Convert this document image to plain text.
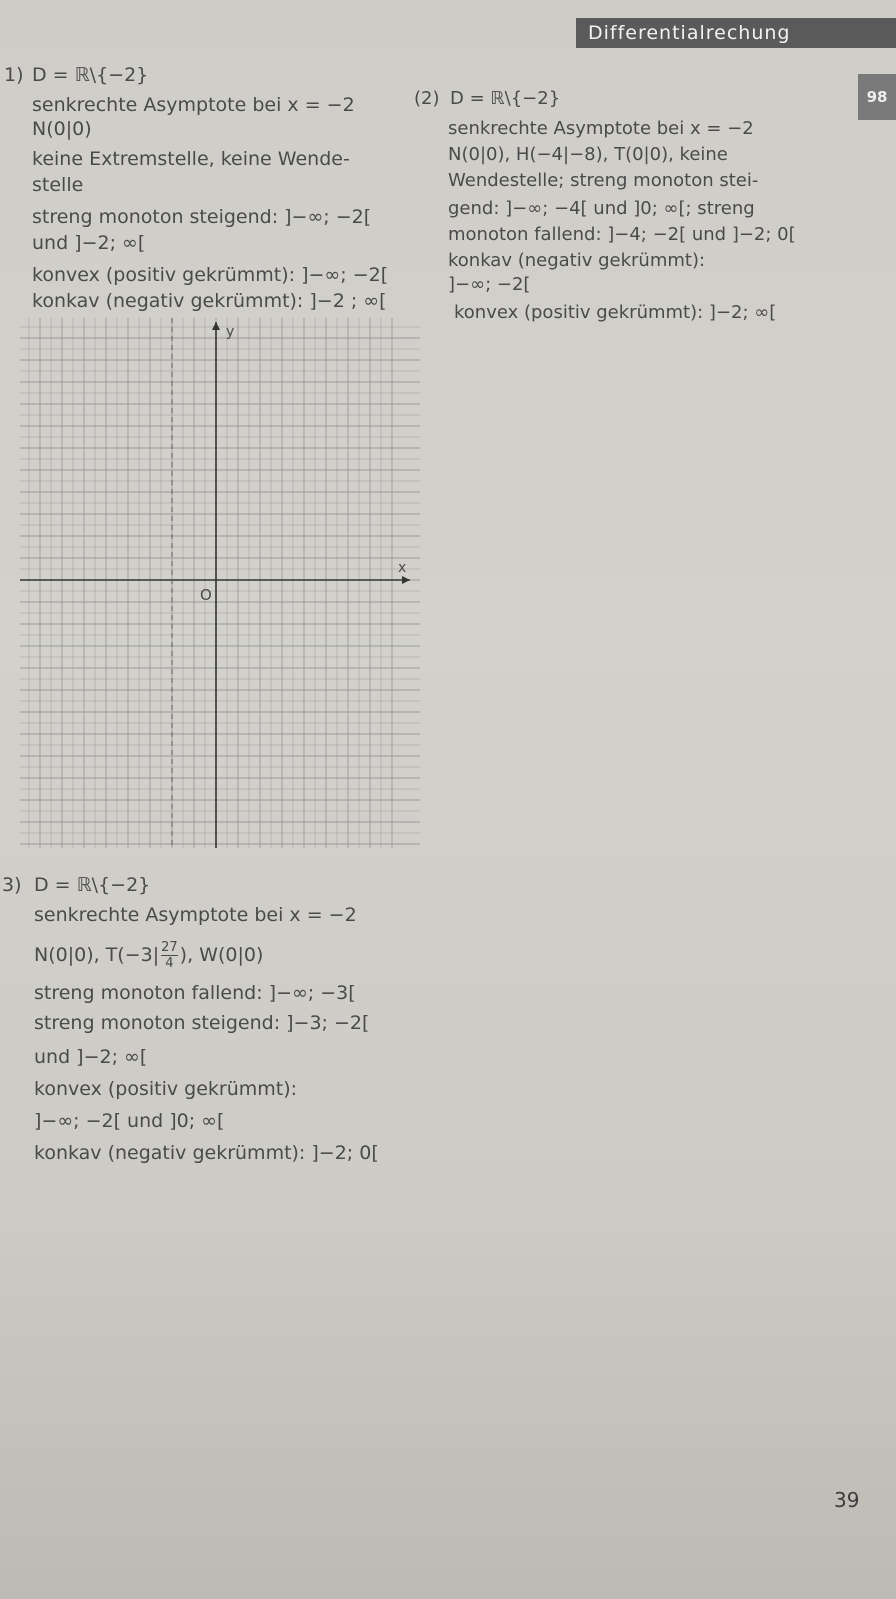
Differentialrechung
98
1) D = ℝ\{−2}
senkrechte Asymptote bei x = −2
N(0|0)
keine Extremstelle, keine Wende-
stelle
streng monoton steigend: ]−∞; −2[
und ]−2; ∞[
konvex (positiv gekrümmt): ]−∞; −2[
konkav (negativ gekrümmt): ]−2 ; ∞[
(2) D = ℝ\{−2}
senkrechte Asymptote bei x = −2
N(0|0), H(−4|−8), T(0|0), keine
Wendestelle; streng monoton stei-
gend: ]−∞; −4[ und ]0; ∞[; streng
monoton fallend: ]−4; −2[ und ]−2; 0[
konkav (negativ gekrümmt):
]−∞; −2[
konvex (positiv gekrümmt): ]−2; ∞[
3) D = ℝ\{−2}
senkrechte Asymptote bei x = −2
N(0|0), $T(-3| \frac{27}{4}$ ), W(0|0)
streng monoton fallend: ]−∞; −3[
streng monoton steigend: ]−3; −2[
und ]−2; ∞[
konvex (positiv gekrümmt):
]−∞; −2[ und ]0; ∞[
konkav (negativ gekrümmt): ]−2; 0[
x
y
O
39
